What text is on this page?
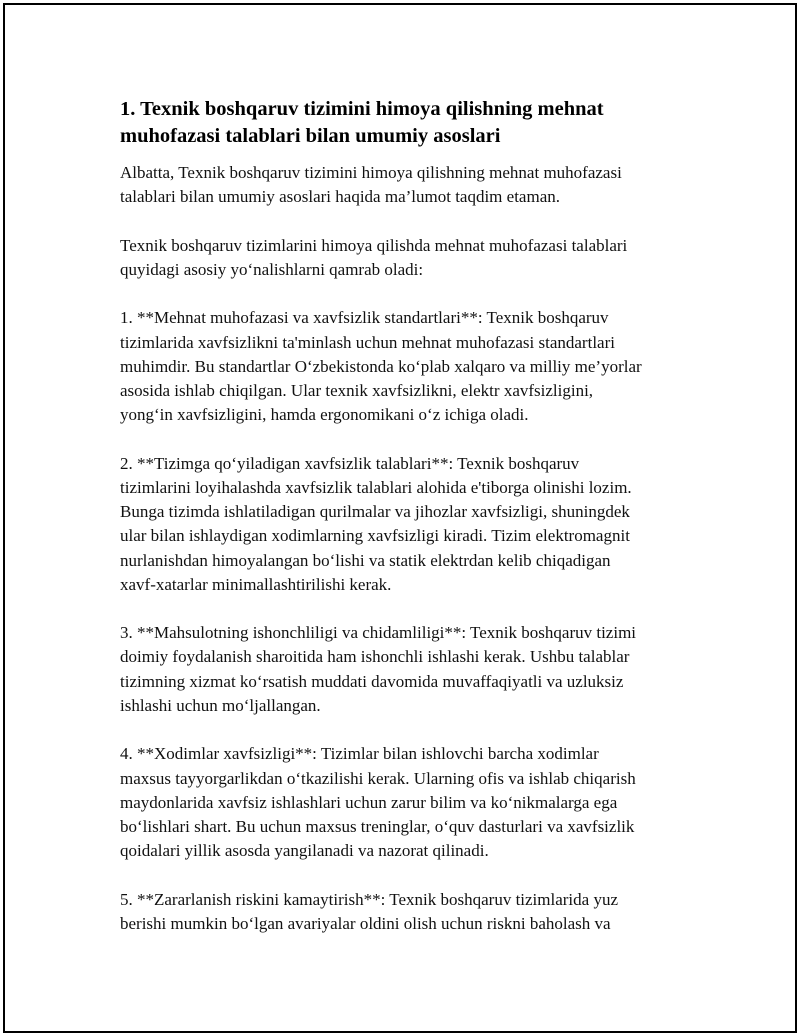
1. Texnik boshqaruv tizimini himoya qilishning mehnat
muhofazasi talablari bilan umumiy asoslari

Albatta, Texnik boshqaruv tizimini himoya qilishning mehnat muhofazasi
talablari bilan umumiy asoslari haqida ma’lumot taqdim etaman.

Texnik boshqaruv tizimlarini himoya qilishda mehnat muhofazasi talablari
quyidagi asosiy yo‘nalishlarni qamrab oladi:

1. **Mehnat muhofazasi va xavfsizlik standartlari**: Texnik boshqaruv
tizimlarida xavfsizlikni ta'minlash uchun mehnat muhofazasi standartlari
muhimdir. Bu standartlar O‘zbekistonda ko‘plab xalqaro va milliy me’yorlar
asosida ishlab chiqilgan. Ular texnik xavfsizlikni, elektr xavfsizligini,
yong‘in xavfsizligini, hamda ergonomikani o‘z ichiga oladi.

2. **Tizimga qo‘yiladigan xavfsizlik talablari**: Texnik boshqaruv
tizimlarini loyihalashda xavfsizlik talablari alohida e'tiborga olinishi lozim.
Bunga tizimda ishlatiladigan qurilmalar va jihozlar xavfsizligi, shuningdek
ular bilan ishlaydigan xodimlarning xavfsizligi kiradi. Tizim elektromagnit
nurlanishdan himoyalangan bo‘lishi va statik elektrdan kelib chiqadigan
xavf-xatarlar minimallashtirilishi kerak.

3. **Mahsulotning ishonchliligi va chidamliligi**: Texnik boshqaruv tizimi
doimiy foydalanish sharoitida ham ishonchli ishlashi kerak. Ushbu talablar
tizimning xizmat ko‘rsatish muddati davomida muvaffaqiyatli va uzluksiz
ishlashi uchun mo‘ljallangan.

4. **Xodimlar xavfsizligi**: Tizimlar bilan ishlovchi barcha xodimlar
maxsus tayyorgarlikdan o‘tkazilishi kerak. Ularning ofis va ishlab chiqarish
maydonlarida xavfsiz ishlashlari uchun zarur bilim va ko‘nikmalarga ega
bo‘lishlari shart. Bu uchun maxsus treninglar, o‘quv dasturlari va xavfsizlik
qoidalari yillik asosda yangilanadi va nazorat qilinadi.

5. **Zararlanish riskini kamaytirish**: Texnik boshqaruv tizimlarida yuz
berishi mumkin bo‘lgan avariyalar oldini olish uchun riskni baholash va
